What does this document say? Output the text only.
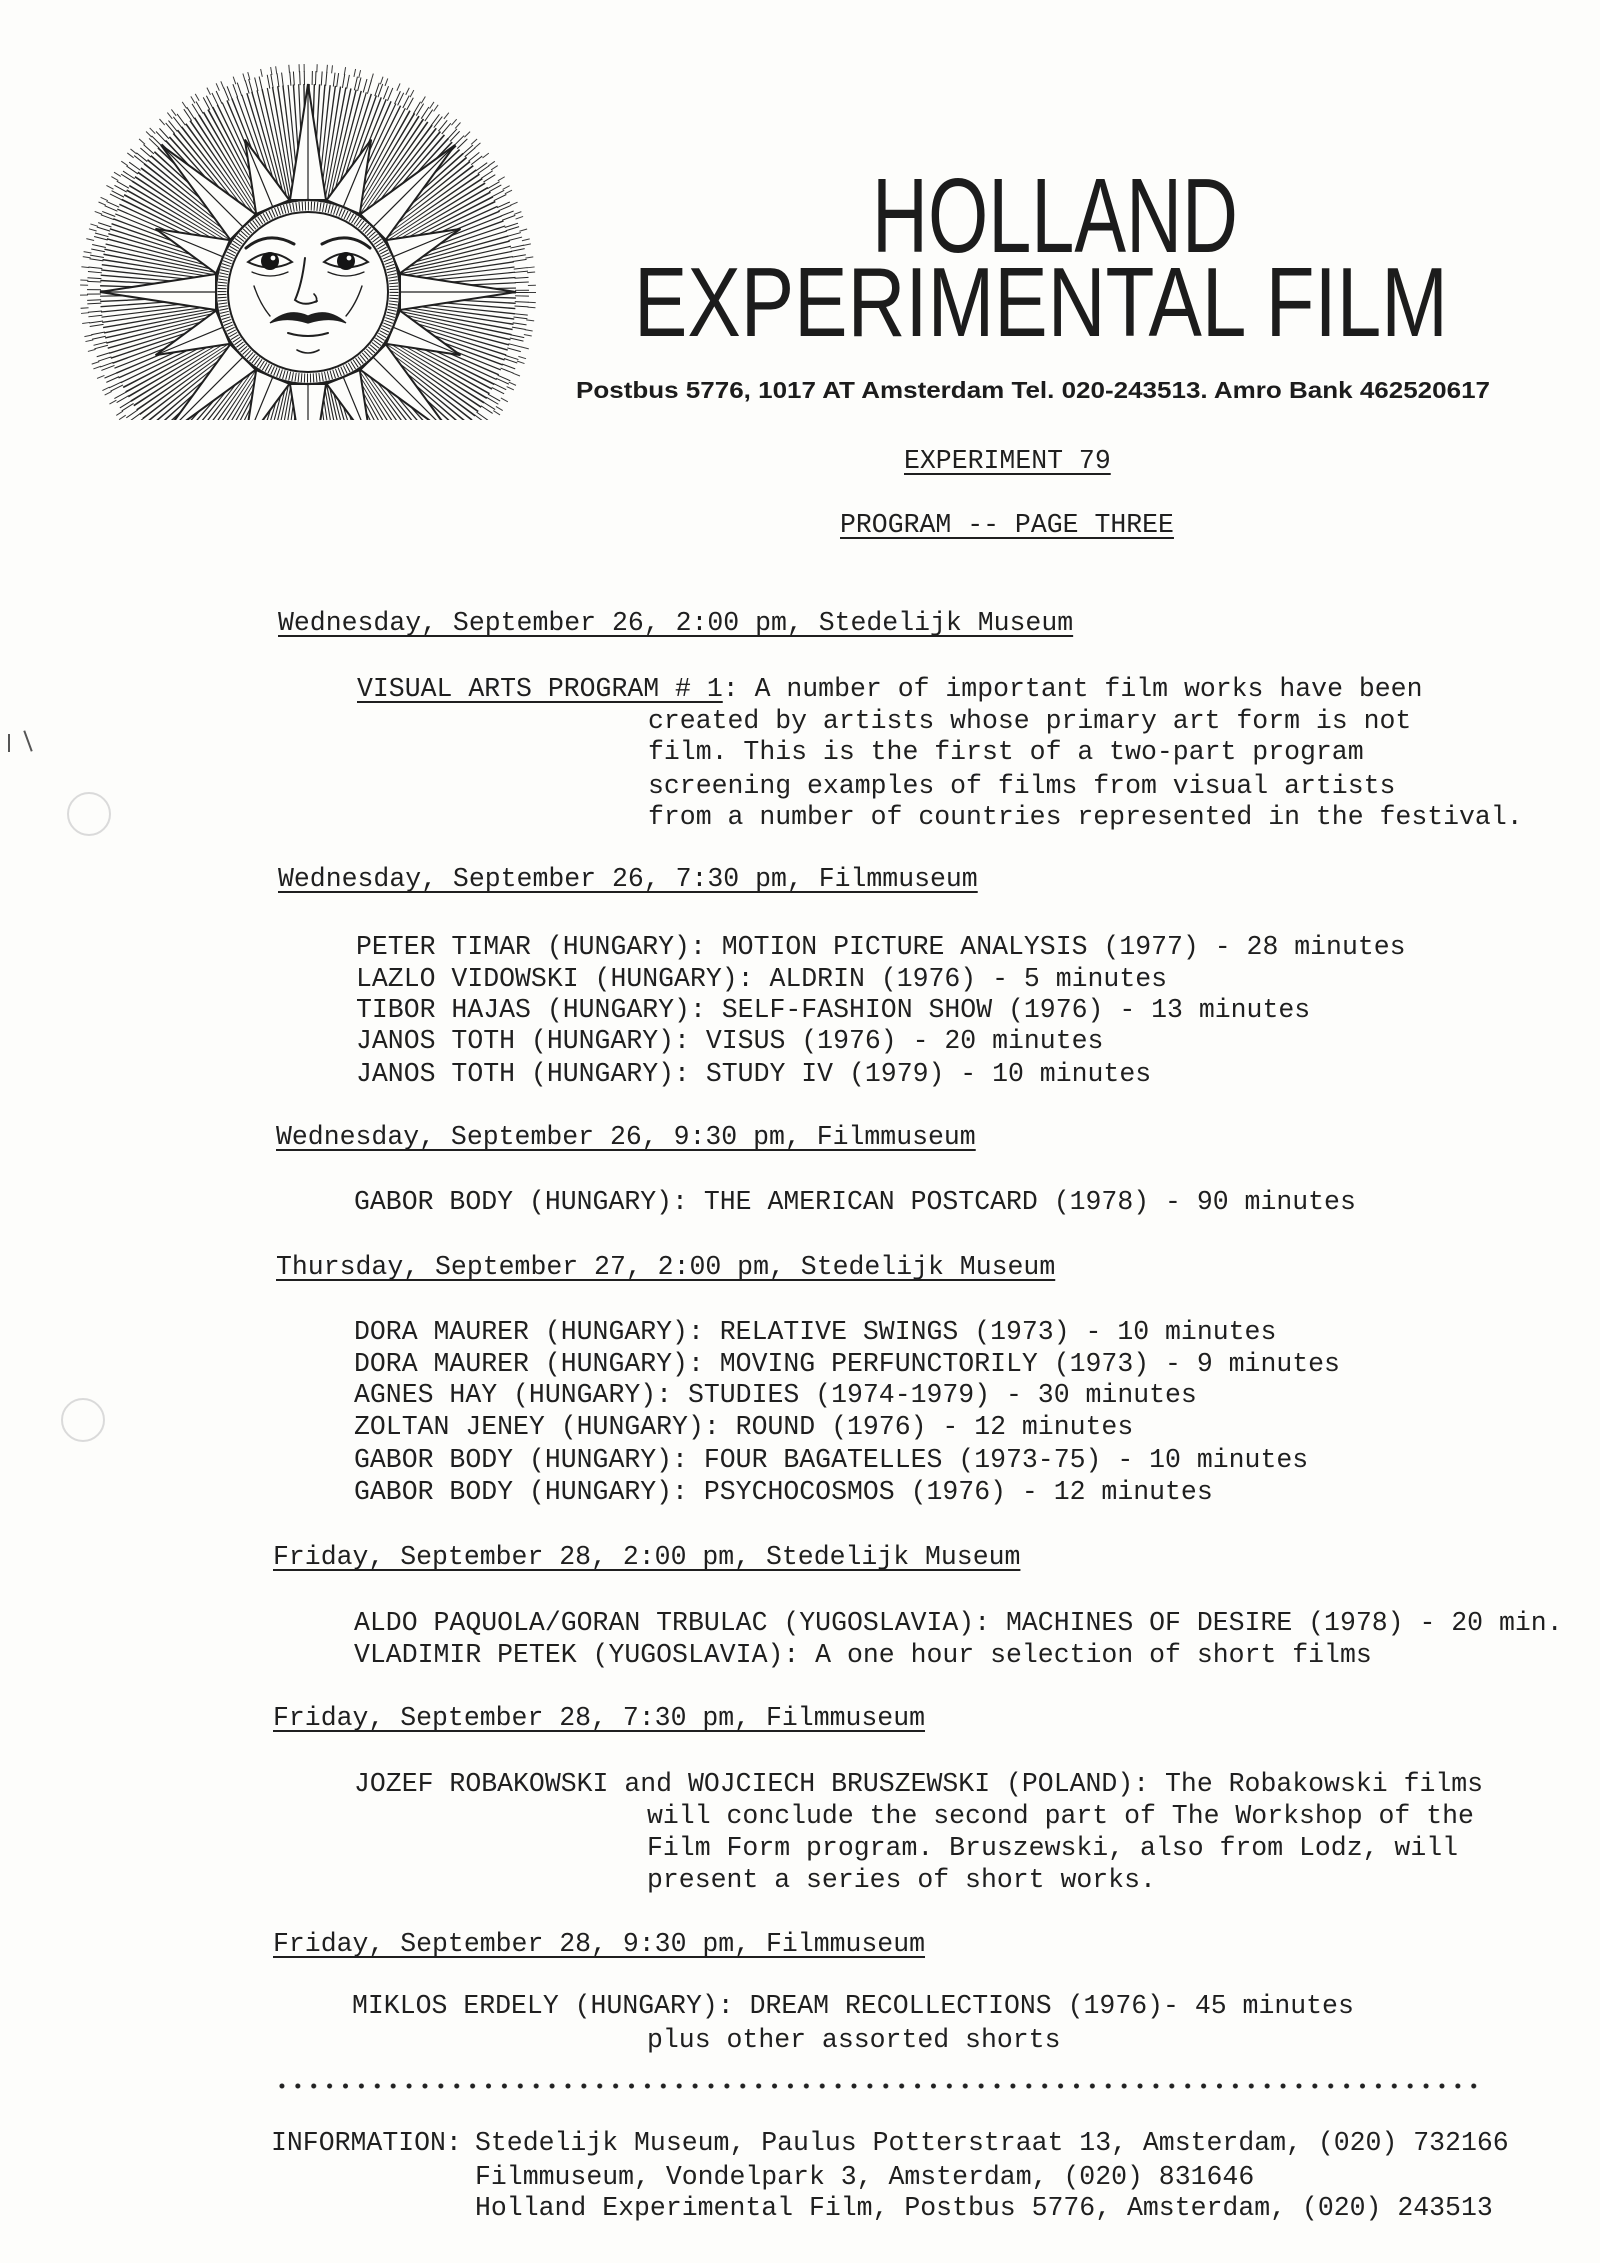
HOLLAND
EXPERIMENTAL FILM
Postbus 5776, 1017 AT Amsterdam Tel. 020-243513. Amro Bank 462520617
EXPERIMENT 79
PROGRAM -- PAGE THREE
Wednesday, September 26, 2:00 pm, Stedelijk Museum
VISUAL ARTS PROGRAM # 1: A number of important film works have been
created by artists whose primary art form is not
film. This is the first of a two-part program
screening examples of films from visual artists
from a number of countries represented in the festival.
Wednesday, September 26, 7:30 pm, Filmmuseum
PETER TIMAR (HUNGARY): MOTION PICTURE ANALYSIS (1977) - 28 minutes
LAZLO VIDOWSKI (HUNGARY): ALDRIN (1976) - 5 minutes
TIBOR HAJAS (HUNGARY): SELF-FASHION SHOW (1976) - 13 minutes
JANOS TOTH (HUNGARY): VISUS (1976) - 20 minutes
JANOS TOTH (HUNGARY): STUDY IV (1979) - 10 minutes
Wednesday, September 26, 9:30 pm, Filmmuseum
GABOR BODY (HUNGARY): THE AMERICAN POSTCARD (1978) - 90 minutes
Thursday, September 27, 2:00 pm, Stedelijk Museum
DORA MAURER (HUNGARY): RELATIVE SWINGS (1973) - 10 minutes
DORA MAURER (HUNGARY): MOVING PERFUNCTORILY (1973) - 9 minutes
AGNES HAY (HUNGARY): STUDIES (1974-1979) - 30 minutes
ZOLTAN JENEY (HUNGARY): ROUND (1976) - 12 minutes
GABOR BODY (HUNGARY): FOUR BAGATELLES (1973-75) - 10 minutes
GABOR BODY (HUNGARY): PSYCHOCOSMOS (1976) - 12 minutes
Friday, September 28, 2:00 pm, Stedelijk Museum
ALDO PAQUOLA/GORAN TRBULAC (YUGOSLAVIA): MACHINES OF DESIRE (1978) - 20 min.
VLADIMIR PETEK (YUGOSLAVIA): A one hour selection of short films
Friday, September 28, 7:30 pm, Filmmuseum
JOZEF ROBAKOWSKI and WOJCIECH BRUSZEWSKI (POLAND): The Robakowski films
will conclude the second part of The Workshop of the
Film Form program. Bruszewski, also from Lodz, will
present a series of short works.
Friday, September 28, 9:30 pm, Filmmuseum
MIKLOS ERDELY (HUNGARY): DREAM RECOLLECTIONS (1976)- 45 minutes
plus other assorted shorts
INFORMATION: Stedelijk Museum, Paulus Potterstraat 13, Amsterdam, (020) 732166
Filmmuseum, Vondelpark 3, Amsterdam, (020) 831646
Holland Experimental Film, Postbus 5776, Amsterdam, (020) 243513
